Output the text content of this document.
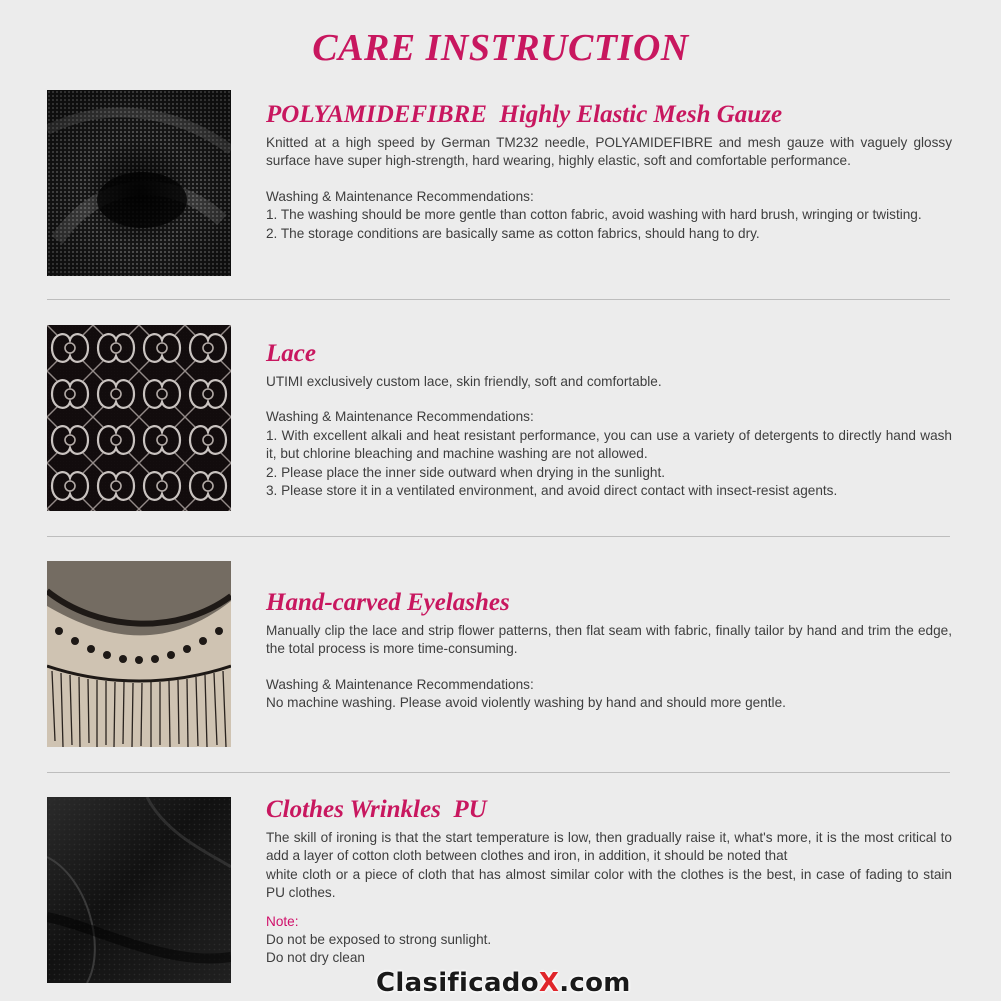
CARE INSTRUCTION
POLYAMIDEFIBRE  Highly Elastic Mesh Gauze

Knitted at a high speed by German TM232 needle, POLYAMIDEFIBRE and mesh gauze with vaguely glossy surface have super high-strength, hard wearing, highly elastic, soft and comfortable performance.

Washing & Maintenance Recommendations:

1. The washing should be more gentle than cotton fabric, avoid washing with hard brush, wringing or twisting.

2. The storage conditions are basically same as cotton fabrics, should hang to dry.

Lace

UTIMI exclusively custom lace, skin friendly, soft and comfortable.

Washing & Maintenance Recommendations:

1. With excellent alkali and heat resistant performance, you can use a variety of detergents to directly hand wash it, but chlorine bleaching and machine washing are not allowed.

2. Please place the inner side outward when drying in the sunlight.

3. Please store it in a ventilated environment, and avoid direct contact with insect-resist agents.

Hand-carved Eyelashes

Manually clip the lace and strip flower patterns, then flat seam with fabric, finally tailor by hand and trim the edge, the total process is more time-consuming.

Washing & Maintenance Recommendations:

No machine washing. Please avoid violently washing by hand and should more gentle.

Clothes Wrinkles  PU

The skill of ironing is that the start temperature is low, then gradually raise it, what's more, it is the most critical to add a layer of cotton cloth between clothes and iron, in addition, it should be noted that

white cloth or a piece of cloth that has almost similar color with the clothes is the best, in case of fading to stain PU clothes.

Note:

Do not be exposed to strong sunlight.

Do not dry clean

ClasificadoX.com
